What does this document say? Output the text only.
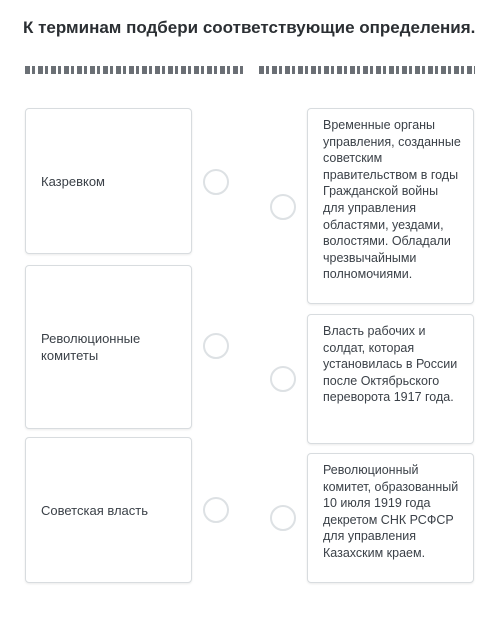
К терминам подбери соответствующие определения.
Казревком
Революционные комитеты
Советская власть
Временные органы управления, созданные советским правительством в годы Гражданской войны для управления областями, уездами, волостями. Обладали чрезвычайными полномочиями.
Власть рабочих и солдат, которая установилась в России после Октябрьского переворота 1917 года.
Революционный комитет, образованный 10 июля 1919 года декретом СНК РСФСР для управления Казахским краем.
